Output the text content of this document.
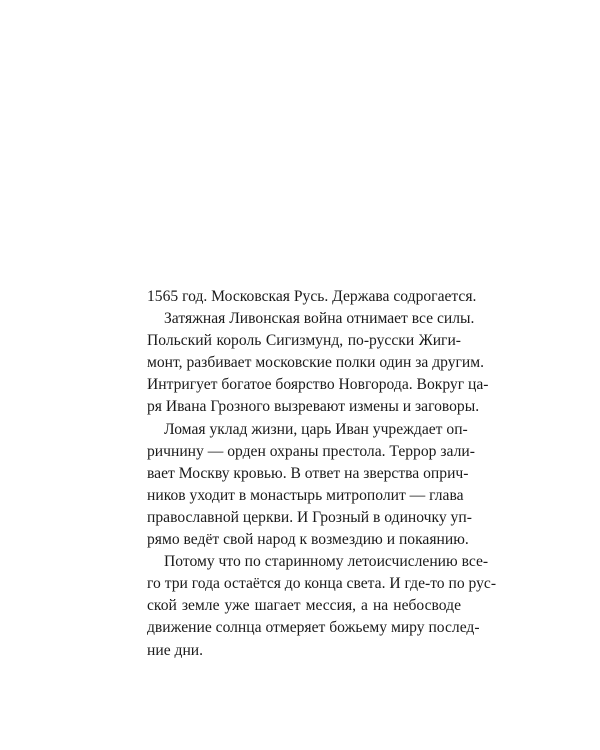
1565 год. Московская Русь. Держава содрогается.
Затяжная Ливонская война отнимает все силы.
Польский король Сигизмунд, по-русски Жиги-
монт, разбивает московские полки один за другим.
Интригует богатое боярство Новгорода. Вокруг ца-
ря Ивана Грозного вызревают измены и заговоры.
Ломая уклад жизни, царь Иван учреждает оп-
ричнину — орден охраны престола. Террор зали-
вает Москву кровью. В ответ на зверства оприч-
ников уходит в монастырь митрополит — глава
православной церкви. И Грозный в одиночку уп-
рямо ведёт свой народ к возмездию и покаянию.
Потому что по старинному летоисчислению все-
го три года остаётся до конца света. И где-то по рус-
ской земле уже шагает мессия, а на небосводе
движение солнца отмеряет божьему миру послед-
ние дни.
